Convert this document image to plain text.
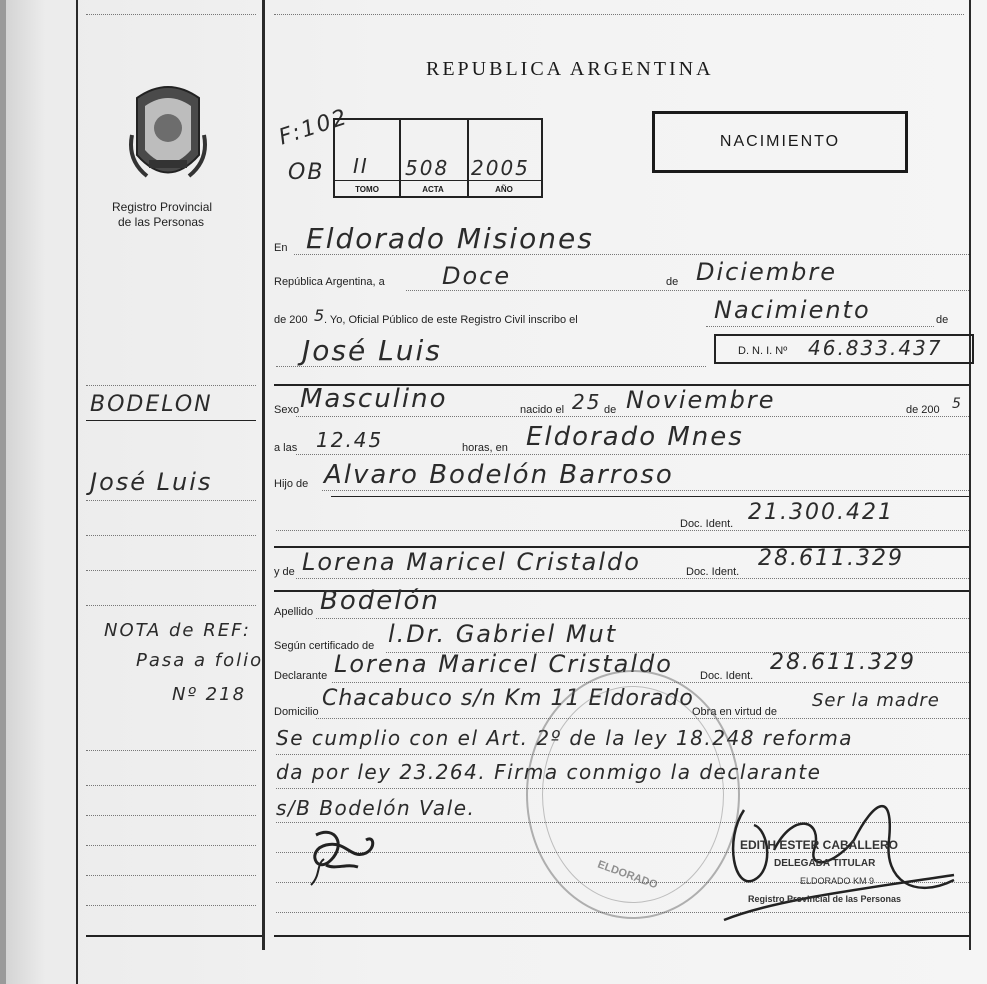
Registro Provincial
de las Personas
REPUBLICA ARGENTINA
F:102
OB II 508 2005
TOMO	ACTA	AÑO
NACIMIENTO
BODELON
José Luis
NOTA de REF:
Pasa a folio
Nº 218
En Eldorado Misiones
República Argentina, a Doce	de Diciembre
de 200 5 . Yo, Oficial Público de este Registro Civil inscribo el	Nacimiento	de
José Luis	D. N. I. Nº 46.833.437
Sexo Masculino	nacido el 25 de Noviembre	de 200 5
a las 12.45	horas, en Eldorado Mnes
Hijo de Alvaro Bodelón Barroso
Doc. Ident. 21.300.421
y de Lorena Maricel Cristaldo	Doc. Ident.
28.611.329
Apellido Bodelón
Según certificado de l.Dr. Gabriel Mut
Declarante Lorena Maricel Cristaldo Doc. Ident.
28.611.329
Domicilio
Chacabuco s/n Km 11 Eldorado
Obra en virtud de
Ser la madre
Se cumplio con el Art. 2º de la ley 18.248 reforma
da por ley 23.264. Firma conmigo la declarante
s/B Bodelón Vale.
ELDORADO
EDITH ESTER CABALLERO
DELEGADA TITULAR
ELDORADO KM 9
Registro Provincial de las Personas
